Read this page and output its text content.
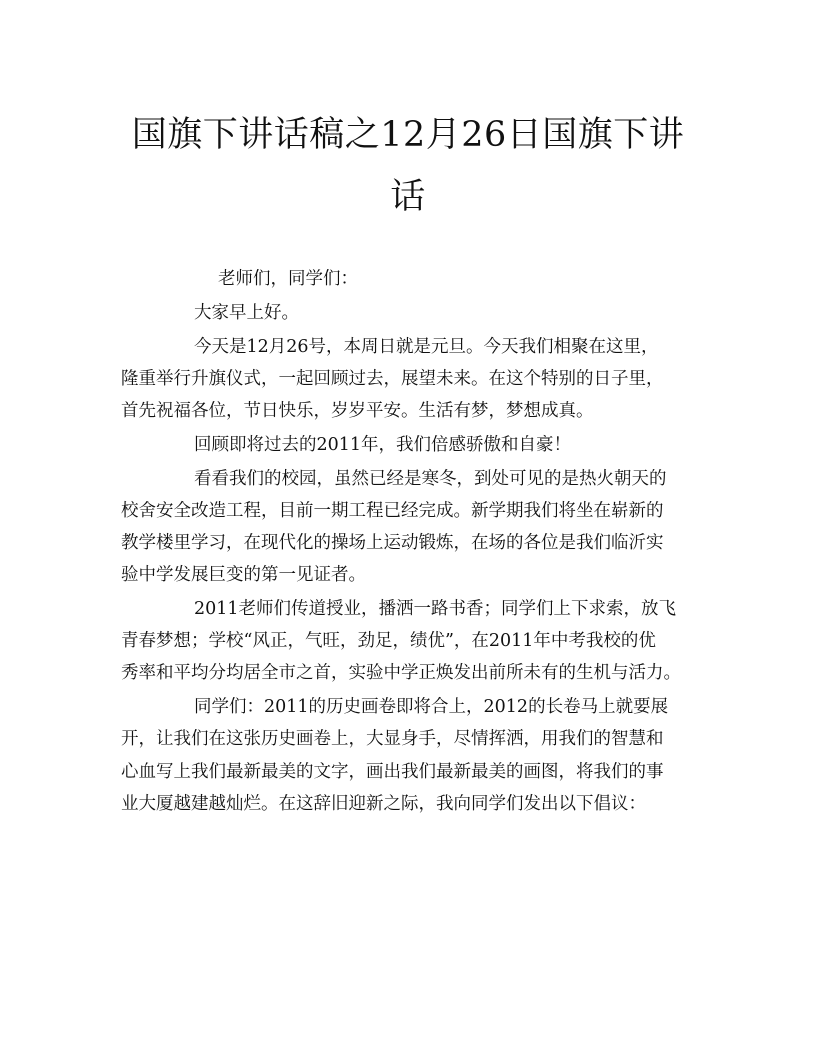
国旗下讲话稿之12月26日国旗下讲
话

老师们，同学们：

大家早上好。

今天是12月26号，本周日就是元旦。今天我们相聚在这里，
隆重举行升旗仪式，一起回顾过去，展望未来。在这个特别的日子里，
首先祝福各位，节日快乐，岁岁平安。生活有梦，梦想成真。

回顾即将过去的2011年，我们倍感骄傲和自豪！

看看我们的校园，虽然已经是寒冬，到处可见的是热火朝天的
校舍安全改造工程，目前一期工程已经完成。新学期我们将坐在崭新的
教学楼里学习，在现代化的操场上运动锻炼，在场的各位是我们临沂实
验中学发展巨变的第一见证者。

2011老师们传道授业，播洒一路书香；同学们上下求索，放飞
青春梦想；学校“风正，气旺，劲足，绩优”，在2011年中考我校的优
秀率和平均分均居全市之首，实验中学正焕发出前所未有的生机与活力。

同学们：2011的历史画卷即将合上，2012的长卷马上就要展
开，让我们在这张历史画卷上，大显身手，尽情挥洒，用我们的智慧和
心血写上我们最新最美的文字，画出我们最新最美的画图，将我们的事
业大厦越建越灿烂。在这辞旧迎新之际，我向同学们发出以下倡议：
